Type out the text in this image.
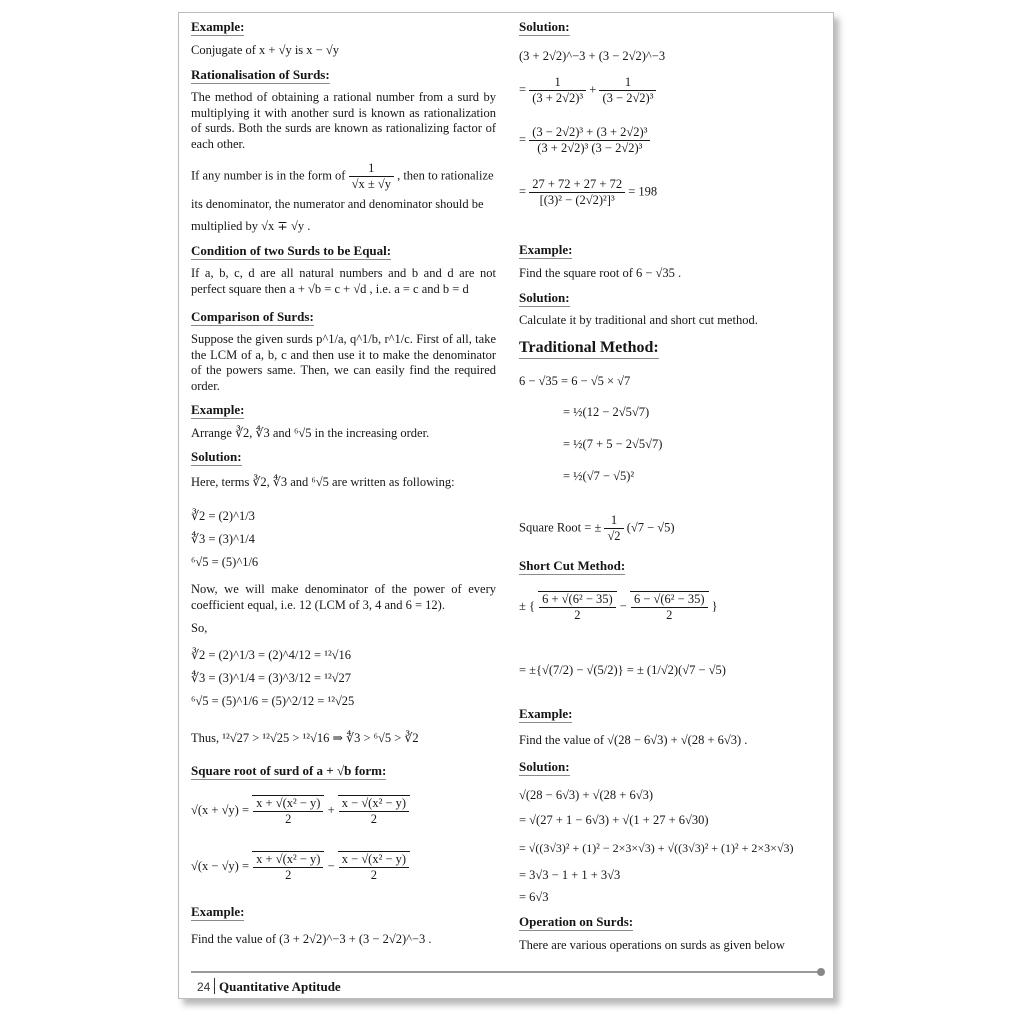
Example:
Conjugate of x + √y is x − √y
Rationalisation of Surds:
The method of obtaining a rational number from a surd by multiplying it with another surd is known as rationalization of surds. Both the surds are known as rationalizing factor of each other.
If any number is in the form of $\frac{1}{√x \pm √y}$ , then to rationalize
its denominator, the numerator and denominator should be
multiplied by √x ∓ √y .
Condition of two Surds to be Equal:
If a, b, c, d are all natural numbers and b and d are not perfect square then a + √b = c + √d , i.e. a = c and b = d
Comparison of Surds:
Suppose the given surds p^1/a, q^1/b, r^1/c. First of all, take the LCM of a, b, c and then use it to make the denominator of the powers same. Then, we can easily find the required order.
Example:
Arrange ∛2, ∜3 and ⁶√5 in the increasing order.
Solution:
Here, terms ∛2, ∜3 and ⁶√5 are written as following:
∛2 = (2)^1/3
∜3 = (3)^1/4
⁶√5 = (5)^1/6
Now, we will make denominator of the power of every coefficient equal, i.e. 12 (LCM of 3, 4 and 6 = 12).
So,
∛2 = (2)^1/3 = (2)^4/12 = ¹²√16
∜3 = (3)^1/4 = (3)^3/12 = ¹²√27
⁶√5 = (5)^1/6 = (5)^2/12 = ¹²√25
Thus, ¹²√27 > ¹²√25 > ¹²√16 ⇒ ∜3 > ⁶√5 > ∛2
Square root of surd of a + √b form:
$√(x + √y) = \frac{\text{x + √(x² − y)}}{2} + \frac{\text{x − √(x² − y)}}{2}$
$√(x - √y) = \frac{\text{x + √(x² − y)}}{2} - \frac{\text{x − √(x² − y)}}{2}$
Example:
Find the value of (3 + 2√2)^−3 + (3 − 2√2)^−3 .
Solution:
(3 + 2√2)^−3 + (3 − 2√2)^−3
= $\frac{1}{\text{(3 + 2√2)³}} + \frac{1}{\text{(3 − 2√2)³}}$
= $\frac{\text{(3 − 2√2)³ + (3 + 2√2)³}}{\text{(3 + 2√2)³ (3 − 2√2)³}}$
= $\frac{27 + 72 + 27 + 72}{\text{[(3)² − (2√2)²]³}} = 198$
Example:
Find the square root of 6 − √35 .
Solution:
Calculate it by traditional and short cut method.
Traditional Method:
6 − √35 = 6 − √5 × √7
= ½(12 − 2√5√7)
= ½(7 + 5 − 2√5√7)
= ½(√7 − √5)²
Square Root = ± $\frac{1}{√2} (√7 - √5)$
Short Cut Method:
± { $\frac{\text{6 + √(6² − 35)}}{2} - \frac{\text{6 − √(6² − 35)}}{2}$ }
= ±{√(7/2) − √(5/2)} = ± (1/√2)(√7 − √5)
Example:
Find the value of √(28 − 6√3) + √(28 + 6√3) .
Solution:
√(28 − 6√3) + √(28 + 6√3)
= √(27 + 1 − 6√3) + √(1 + 27 + 6√30)
= √((3√3)² + (1)² − 2×3×√3) + √((3√3)² + (1)² + 2×3×√3)
= 3√3 − 1 + 1 + 3√3
= 6√3
Operation on Surds:
There are various operations on surds as given below
24 Quantitative Aptitude
